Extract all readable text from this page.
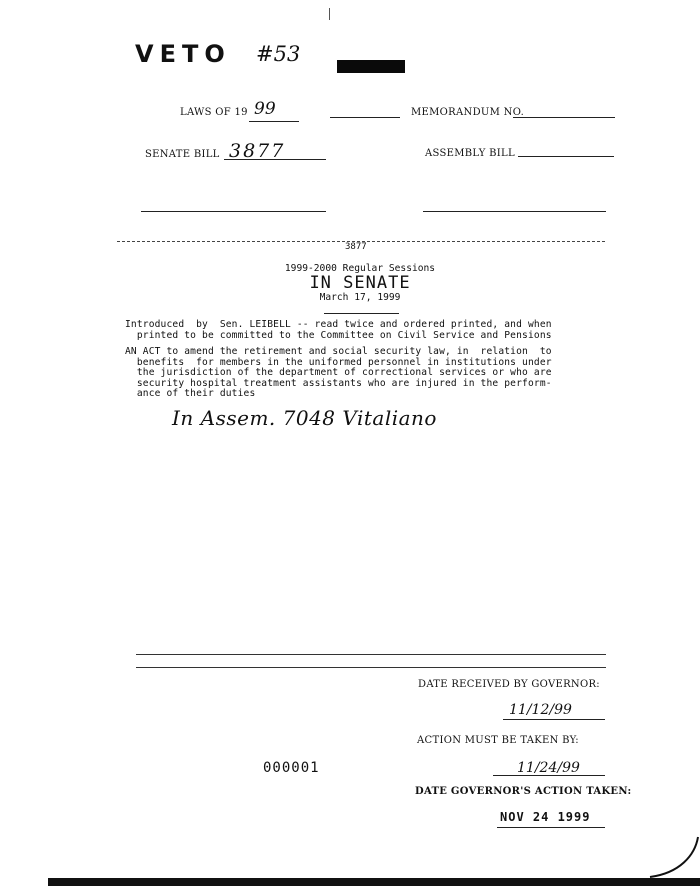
VETO #53
LAWS OF 19 99	MEMORANDUM NO.
SENATE BILL 3877	ASSEMBLY BILL
3877
1999-2000 Regular Sessions
IN SENATE
March 17, 1999
Introduced  by  Sen. LEIBELL -- read twice and ordered printed, and when
printed to be committed to the Committee on Civil Service and Pensions
AN ACT to amend the retirement and social security law, in  relation  to
benefits  for members in the uniformed personnel in institutions under
the jurisdiction of the department of correctional services or who are
security hospital treatment assistants who are injured in the perform-
ance of their duties
In Assem. 7048 Vitaliano
DATE RECEIVED BY GOVERNOR:
11/12/99
ACTION MUST BE TAKEN BY:
11/24/99
000001
DATE GOVERNOR'S ACTION TAKEN:
NOV 24 1999
